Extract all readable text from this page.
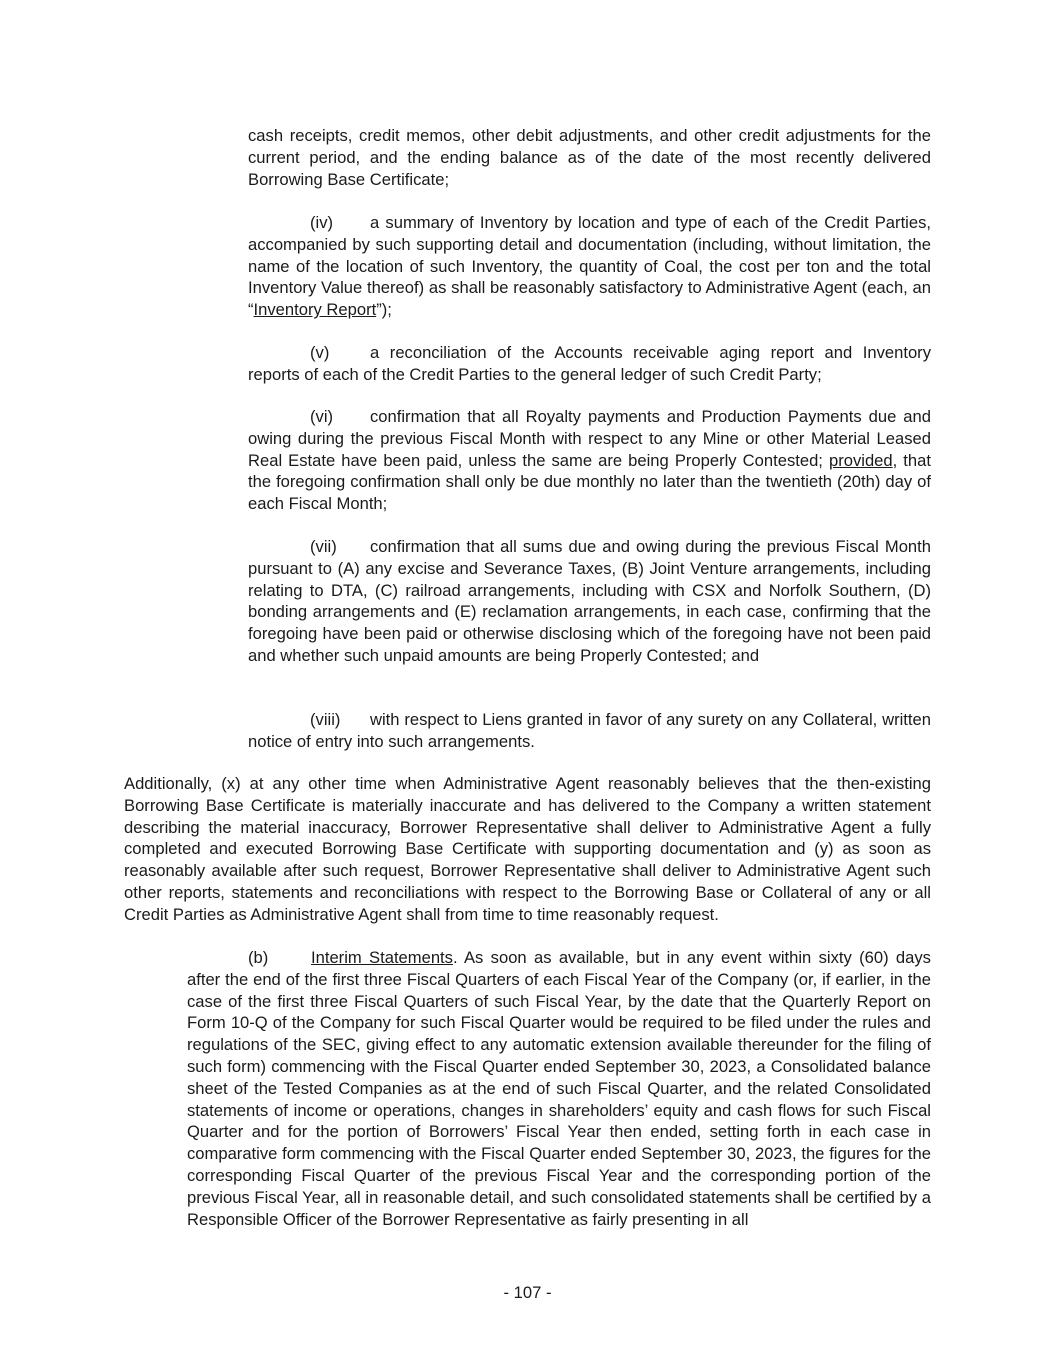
cash receipts, credit memos, other debit adjustments, and other credit adjustments for the current period, and the ending balance as of the date of the most recently delivered Borrowing Base Certificate;

(iv) a summary of Inventory by location and type of each of the Credit Parties, accompanied by such supporting detail and documentation (including, without limitation, the name of the location of such Inventory, the quantity of Coal, the cost per ton and the total Inventory Value thereof) as shall be reasonably satisfactory to Administrative Agent (each, an “Inventory Report”);

(v) a reconciliation of the Accounts receivable aging report and Inventory reports of each of the Credit Parties to the general ledger of such Credit Party;

(vi) confirmation that all Royalty payments and Production Payments due and owing during the previous Fiscal Month with respect to any Mine or other Material Leased Real Estate have been paid, unless the same are being Properly Contested; provided, that the foregoing confirmation shall only be due monthly no later than the twentieth (20th) day of each Fiscal Month;

(vii) confirmation that all sums due and owing during the previous Fiscal Month pursuant to (A) any excise and Severance Taxes, (B) Joint Venture arrangements, including relating to DTA, (C) railroad arrangements, including with CSX and Norfolk Southern, (D) bonding arrangements and (E) reclamation arrangements, in each case, confirming that the foregoing have been paid or otherwise disclosing which of the foregoing have not been paid and whether such unpaid amounts are being Properly Contested; and

(viii) with respect to Liens granted in favor of any surety on any Collateral, written notice of entry into such arrangements.

Additionally, (x) at any other time when Administrative Agent reasonably believes that the then-existing Borrowing Base Certificate is materially inaccurate and has delivered to the Company a written statement describing the material inaccuracy, Borrower Representative shall deliver to Administrative Agent a fully completed and executed Borrowing Base Certificate with supporting documentation and (y) as soon as reasonably available after such request, Borrower Representative shall deliver to Administrative Agent such other reports, statements and reconciliations with respect to the Borrowing Base or Collateral of any or all Credit Parties as Administrative Agent shall from time to time reasonably request.

(b)	Interim Statements. As soon as available, but in any event within sixty (60) days after the end of the first three Fiscal Quarters of each Fiscal Year of the Company (or, if earlier, in the case of the first three Fiscal Quarters of such Fiscal Year, by the date that the Quarterly Report on Form 10-Q of the Company for such Fiscal Quarter would be required to be filed under the rules and regulations of the SEC, giving effect to any automatic extension available thereunder for the filing of such form) commencing with the Fiscal Quarter ended September 30, 2023, a Consolidated balance sheet of the Tested Companies as at the end of such Fiscal Quarter, and the related Consolidated statements of income or operations, changes in shareholders’ equity and cash flows for such Fiscal Quarter and for the portion of Borrowers’ Fiscal Year then ended, setting forth in each case in comparative form commencing with the Fiscal Quarter ended September 30, 2023, the figures for the corresponding Fiscal Quarter of the previous Fiscal Year and the corresponding portion of the previous Fiscal Year, all in reasonable detail, and such consolidated statements shall be certified by a Responsible Officer of the Borrower Representative as fairly presenting in all

- 107 -
